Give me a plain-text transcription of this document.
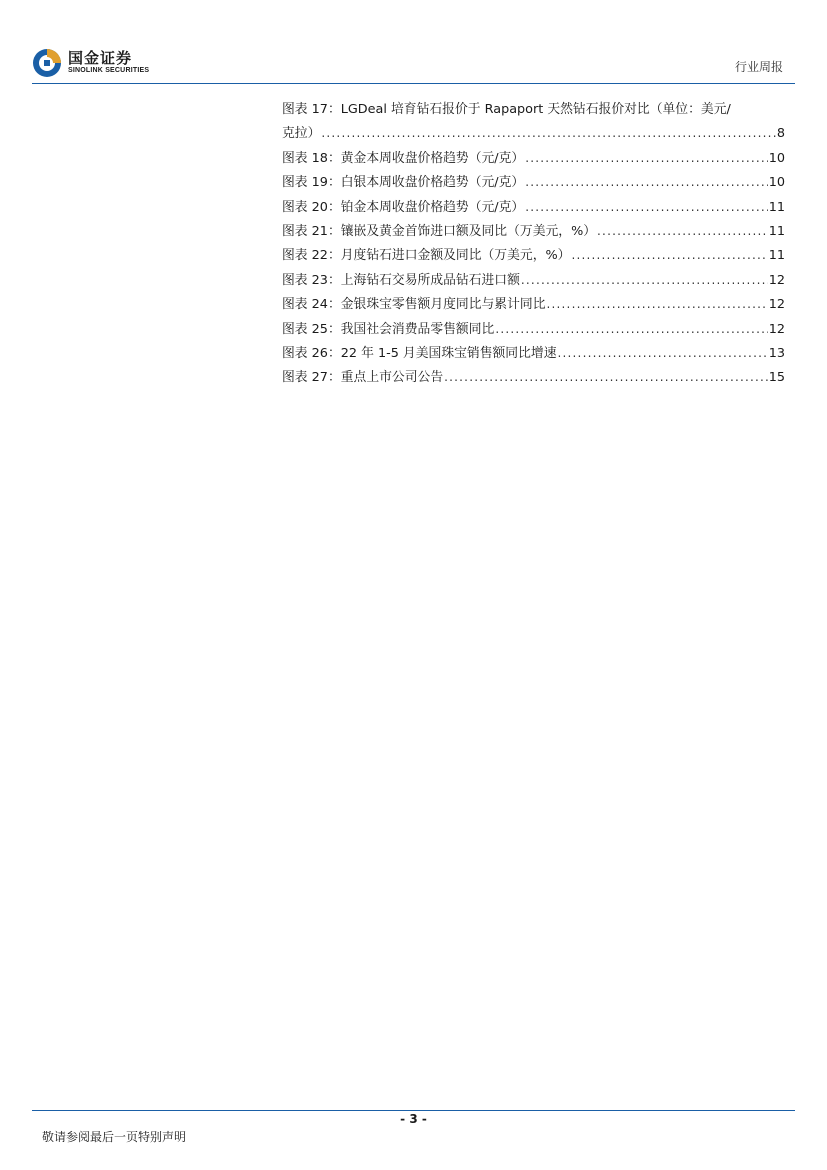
国金证券
SINOLINK SECURITIES	行业周报
图表 17：LGDeal 培育钻石报价于 Rapaport 天然钻石报价对比（单位：美元/
克拉） .....	8
图表 18：黄金本周收盘价格趋势（元/克） .....	10
图表 19：白银本周收盘价格趋势（元/克） .....	10
图表 20：铂金本周收盘价格趋势（元/克） .....	11
图表 21：镶嵌及黄金首饰进口额及同比（万美元，%） .....	11
图表 22：月度钻石进口金额及同比（万美元，%） .....	11
图表 23：上海钻石交易所成品钻石进口额 .....	12
图表 24：金银珠宝零售额月度同比与累计同比 .....	12
图表 25：我国社会消费品零售额同比 .....	12
图表 26：22 年 1-5 月美国珠宝销售额同比增速 .....	13
图表 27：重点上市公司公告 .....	15
- 3 -
敬请参阅最后一页特别声明
